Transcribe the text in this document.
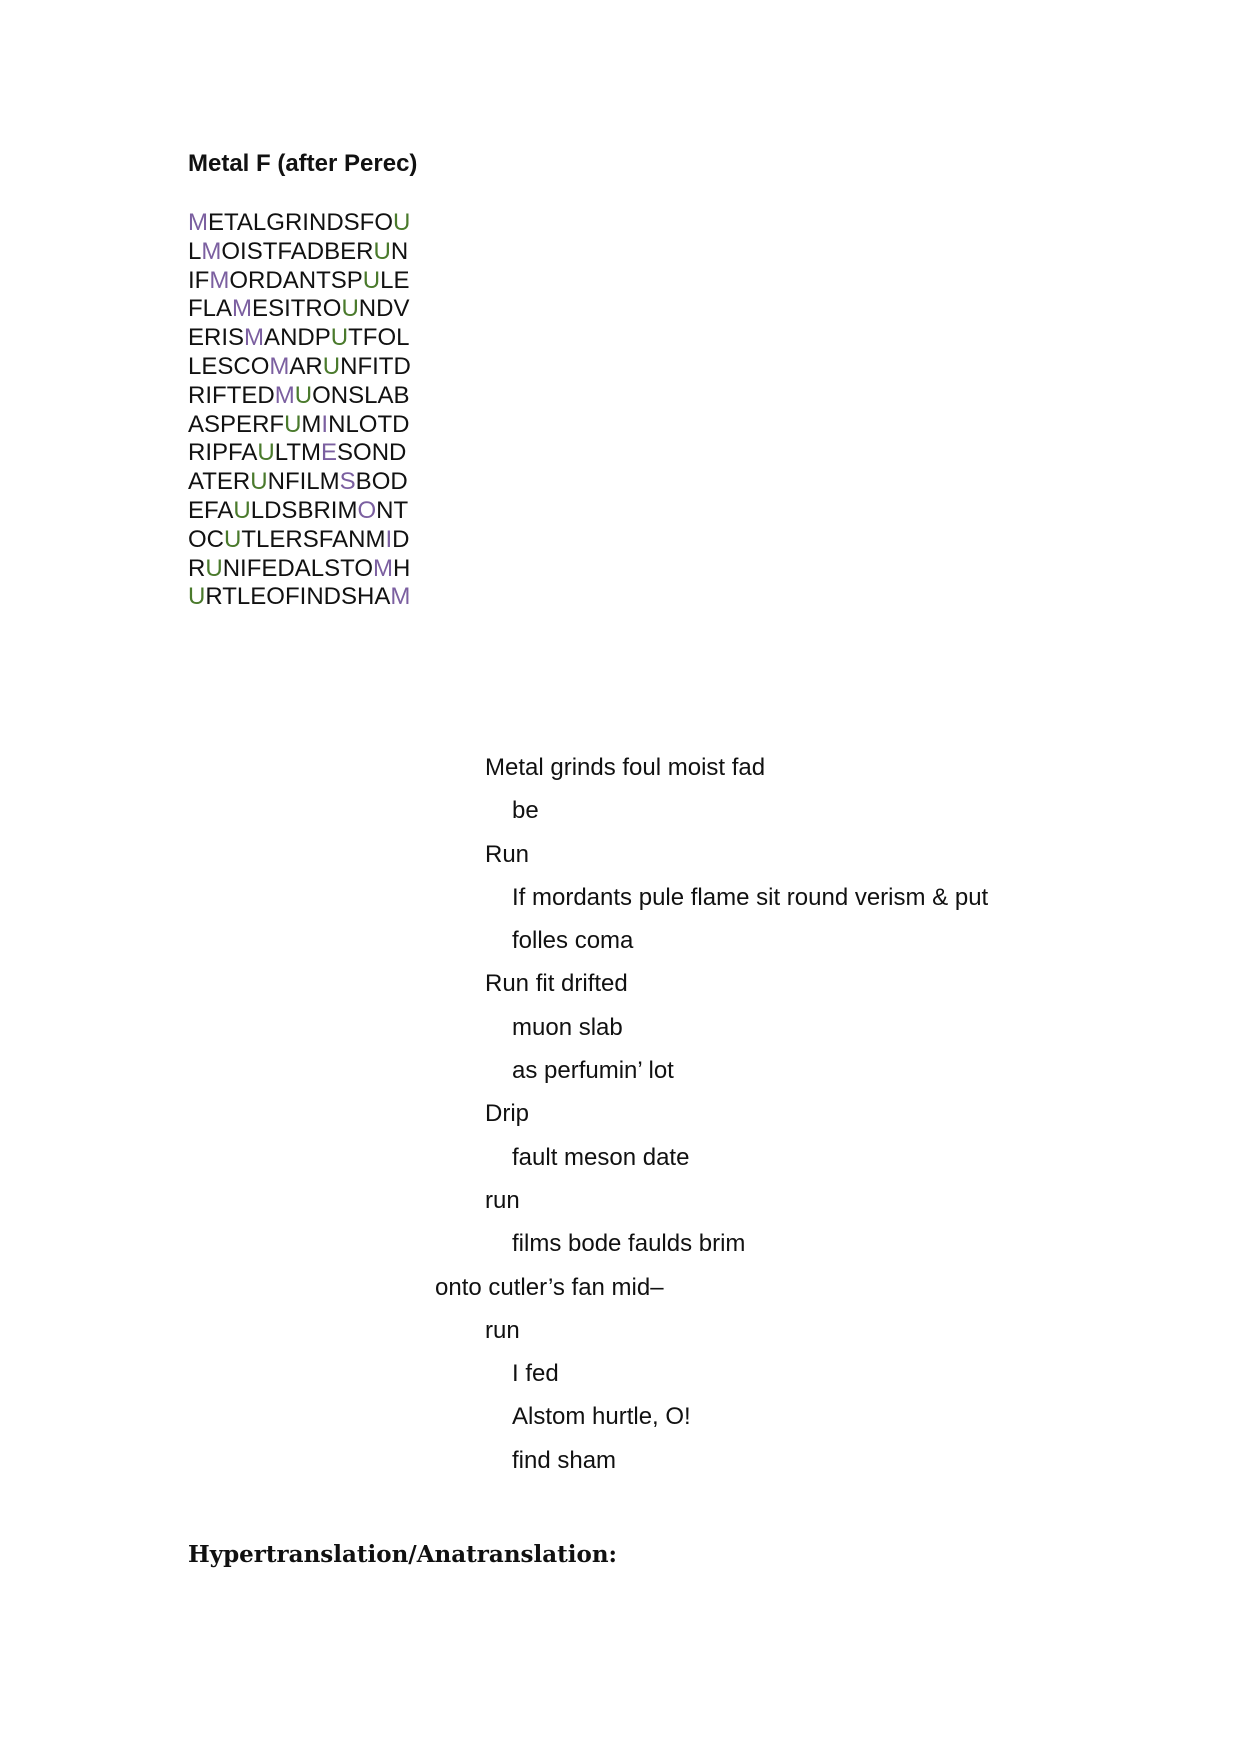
Metal F (after Perec)
METALGRINDSFOU
LMOISTFADBERUN
IFMORDANTSPULE
FLAMESITROUNDV
ERISMANDPUTFOL
LESCOMARUNFITD
RIFTEDMUONSLAB
ASPERFUMINLOTD
RIPFAULTMESOND
ATERUNFILMSBOD
EFAULDSBRIMONT
OCUTLERSFANMID
RUNIFEDALSTOMH
URTLEOFINDSHAM
Metal grinds foul moist fad
be
Run
If mordants pule flame sit round verism & put
folles coma
Run fit drifted
muon slab
as perfumin’ lot
Drip
fault meson date
run
films bode faulds brim
onto cutler’s fan mid–
run
I fed
Alstom hurtle, O!
find sham
Hypertranslation/Anatranslation:
